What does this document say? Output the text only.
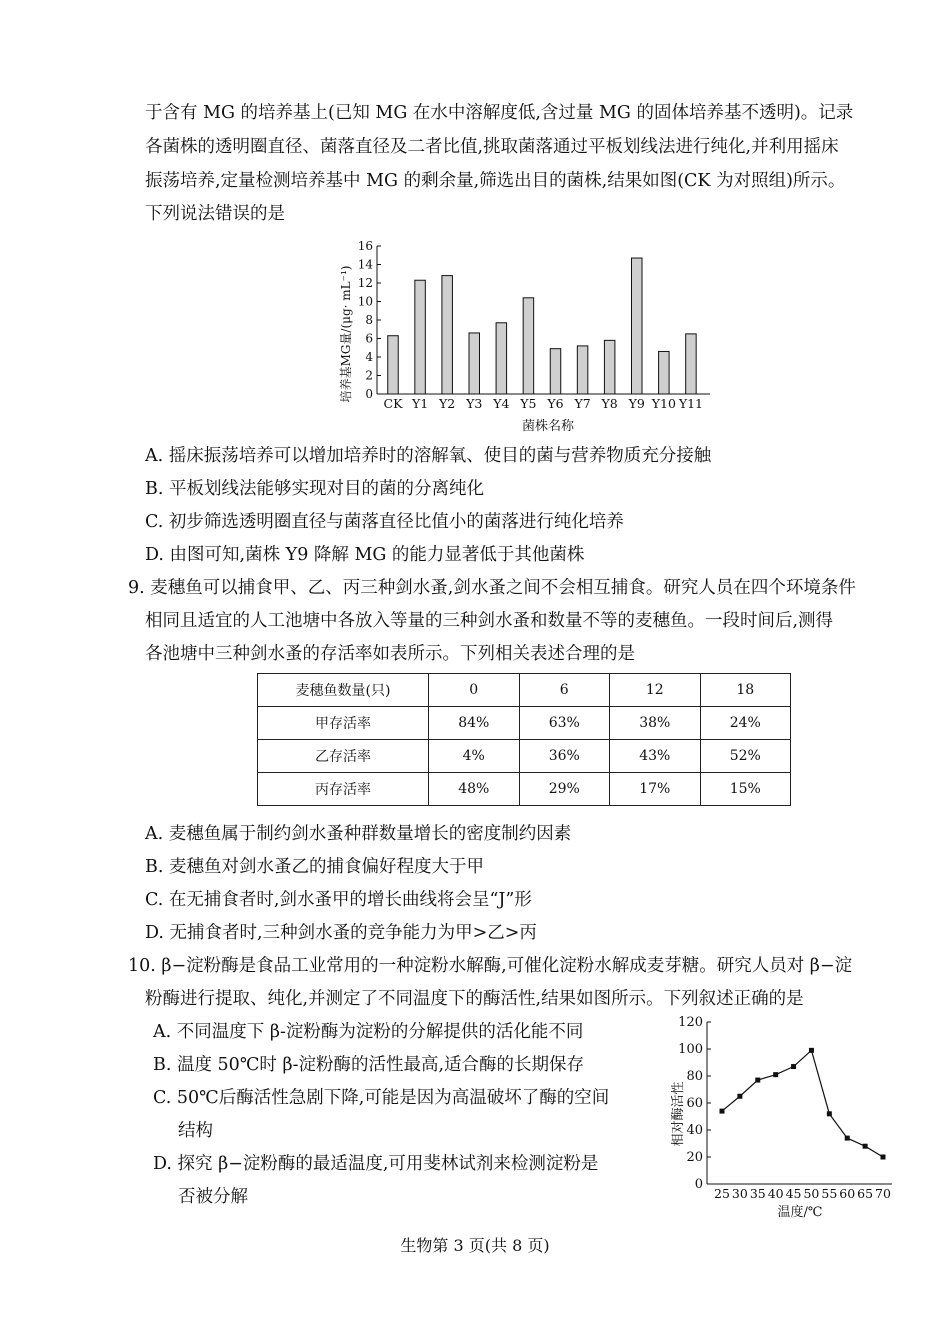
于含有 MG 的培养基上(已知 MG 在水中溶解度低,含过量 MG 的固体培养基不透明)。记录
各菌株的透明圈直径、菌落直径及二者比值,挑取菌落通过平板划线法进行纯化,并利用摇床
振荡培养,定量检测培养基中 MG 的剩余量,筛选出目的菌株,结果如图(CK 为对照组)所示。
下列说法错误的是
0
2
4
6
8
10
12
14
16
CK Y1 Y2 Y3 Y4 Y5 Y6 Y7 Y8 Y9 Y10 Y11
培养基MG量/(μg· mL⁻¹)
菌株名称
A. 摇床振荡培养可以增加培养时的溶解氧、使目的菌与营养物质充分接触
B. 平板划线法能够实现对目的菌的分离纯化
C. 初步筛选透明圈直径与菌落直径比值小的菌落进行纯化培养
D. 由图可知,菌株 Y9 降解 MG 的能力显著低于其他菌株
9. 麦穗鱼可以捕食甲、乙、丙三种剑水蚤,剑水蚤之间不会相互捕食。研究人员在四个环境条件
相同且适宜的人工池塘中各放入等量的三种剑水蚤和数量不等的麦穗鱼。一段时间后,测得
各池塘中三种剑水蚤的存活率如表所示。下列相关表述合理的是
麦穗鱼数量(只)	0	6	12	18
甲存活率	84%	63%	38%	24%
乙存活率	4%	36%	43%	52%
丙存活率	48%	29%	17%	15%
A. 麦穗鱼属于制约剑水蚤种群数量增长的密度制约因素
B. 麦穗鱼对剑水蚤乙的捕食偏好程度大于甲
C. 在无捕食者时,剑水蚤甲的增长曲线将会呈“J”形
D. 无捕食者时,三种剑水蚤的竞争能力为甲>乙>丙
10. β−淀粉酶是食品工业常用的一种淀粉水解酶,可催化淀粉水解成麦芽糖。研究人员对 β−淀
粉酶进行提取、纯化,并测定了不同温度下的酶活性,结果如图所示。下列叙述正确的是
A. 不同温度下 β-淀粉酶为淀粉的分解提供的活化能不同
B. 温度 50℃时 β-淀粉酶的活性最高,适合酶的长期保存
C. 50℃后酶活性急剧下降,可能是因为高温破坏了酶的空间
结构
D. 探究 β−淀粉酶的最适温度,可用斐林试剂来检测淀粉是
否被分解
0
20
40
60
80
100
120
25 30 35 40 45 50 55 60 65 70
相对酶活性
温度/℃
生物第 3 页(共 8 页)
